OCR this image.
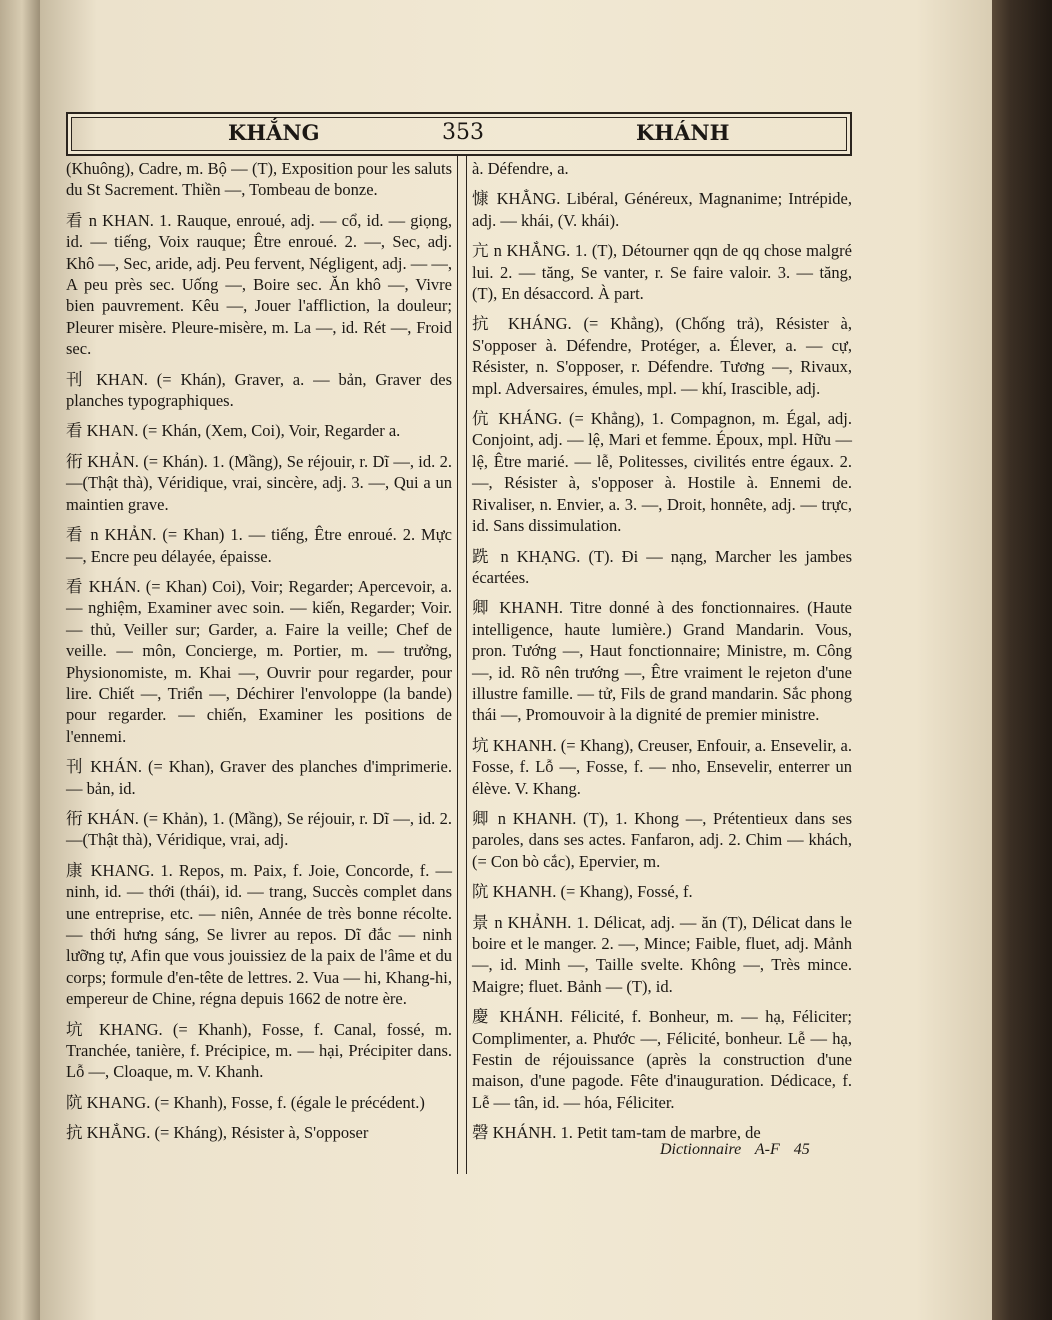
KHẮNG	353	KHÁNH

(Khuông), Cadre, m. Bộ — (T), Exposition pour les saluts du St Sacrement. Thiền —, Tombeau de bonze.

看 n KHAN. 1. Rauque, enroué, adj. — cổ, id. — giọng, id. — tiếng, Voix rauque; Être enroué. 2. —, Sec, adj. Khô —, Sec, aride, adj. Peu fervent, Négligent, adj. — —, A peu près sec. Uống —, Boire sec. Ăn khô —, Vivre bien pauvrement. Kêu —, Jouer l'affliction, la douleur; Pleurer misère. Pleure-misère, m. La —, id. Rét —, Froid sec.

刊 KHAN. (= Khán), Graver, a. — bản, Graver des planches typographiques.

看 KHAN. (= Khán, (Xem, Coi), Voir, Regarder a.

衎 KHẢN. (= Khán). 1. (Mầng), Se réjouir, r. Dĩ —, id. 2. —(Thật thà), Véridique, vrai, sincère, adj. 3. —, Qui a un maintien grave.

看 n KHẢN. (= Khan) 1. — tiếng, Être enroué. 2. Mực —, Encre peu délayée, épaisse.

看 KHÁN. (= Khan) Coi), Voir; Regarder; Apercevoir, a. — nghiệm, Examiner avec soin. — kiến, Regarder; Voir. — thủ, Veiller sur; Garder, a. Faire la veille; Chef de veille. — môn, Concierge, m. Portier, m. — trưởng, Physionomiste, m. Khai —, Ouvrir pour regarder, pour lire. Chiết —, Triển —, Déchirer l'envoloppe (la bande) pour regarder. — chiến, Examiner les positions de l'ennemi.

刊 KHÁN. (= Khan), Graver des planches d'imprimerie. — bản, id.

衎 KHÁN. (= Khản), 1. (Mầng), Se réjouir, r. Dĩ —, id. 2. —(Thật thà), Véridique, vrai, adj.

康 KHANG. 1. Repos, m. Paix, f. Joie, Concorde, f. — ninh, id. — thới (thái), id. — trang, Succès complet dans une entreprise, etc. — niên, Année de très bonne récolte. — thới hưng sáng, Se livrer au repos. Dĩ đắc — ninh lưỡng tự, Afin que vous jouissiez de la paix de l'âme et du corps; formule d'en-tête de lettres. 2. Vua — hi, Khang-hi, empereur de Chine, régna depuis 1662 de notre ère.

坑 KHANG. (= Khanh), Fosse, f. Canal, fossé, m. Tranchée, tanière, f. Précipice, m. — hại, Précipiter dans. Lỗ —, Cloaque, m. V. Khanh.

阬 KHANG. (= Khanh), Fosse, f. (égale le précédent.)

抗 KHẮNG. (= Kháng), Résister à, S'opposer

à. Défendre, a.

慷 KHẲNG. Libéral, Généreux, Magnanime; Intrépide, adj. — khái, (V. khái).

亢 n KHẮNG. 1. (T), Détourner qqn de qq chose malgré lui. 2. — tăng, Se vanter, r. Se faire valoir. 3. — tăng, (T), En désaccord. À part.

抗 KHÁNG. (= Khẳng), (Chống trả), Résister à, S'opposer à. Défendre, Protéger, a. Élever, a. — cự, Résister, n. S'opposer, r. Défendre. Tương —, Rivaux, mpl. Adversaires, émules, mpl. — khí, Irascible, adj.

伉 KHÁNG. (= Khẳng), 1. Compagnon, m. Égal, adj. Conjoint, adj. — lệ, Mari et femme. Époux, mpl. Hữu — lệ, Être marié. — lễ, Politesses, civilités entre égaux. 2. —, Résister à, s'opposer à. Hostile à. Ennemi de. Rivaliser, n. Envier, a. 3. —, Droit, honnête, adj. — trực, id. Sans dissimulation.

跣 n KHẠNG. (T). Đi — nạng, Marcher les jambes écartées.

卿 KHANH. Titre donné à des fonctionnaires. (Haute intelligence, haute lumière.) Grand Mandarin. Vous, pron. Tướng —, Haut fonctionnaire; Ministre, m. Công —, id. Rõ nên trướng —, Être vraiment le rejeton d'une illustre famille. — tử, Fils de grand mandarin. Sắc phong thái —, Promouvoir à la dignité de premier ministre.

坑 KHANH. (= Khang), Creuser, Enfouir, a. Ensevelir, a. Fosse, f. Lỗ —, Fosse, f. — nho, Ensevelir, enterrer un élève. V. Khang.

卿 n KHANH. (T), 1. Khong —, Prétentieux dans ses paroles, dans ses actes. Fanfaron, adj. 2. Chim — khách, (= Con bò cắc), Epervier, m.

阬 KHANH. (= Khang), Fossé, f.

景 n KHẢNH. 1. Délicat, adj. — ăn (T), Délicat dans le boire et le manger. 2. —, Mince; Faible, fluet, adj. Mảnh —, id. Minh —, Taille svelte. Không —, Très mince. Maigre; fluet. Bảnh — (T), id.

慶 KHÁNH. Félicité, f. Bonheur, m. — hạ, Féliciter; Complimenter, a. Phước —, Félicité, bonheur. Lễ — hạ, Festin de réjouissance (après la construction d'une maison, d'une pagode. Fête d'inauguration. Dédicace, f. Lễ — tân, id. — hóa, Féliciter.

磬 KHÁNH. 1. Petit tam-tam de marbre, de

Dictionnaire A-F 45
